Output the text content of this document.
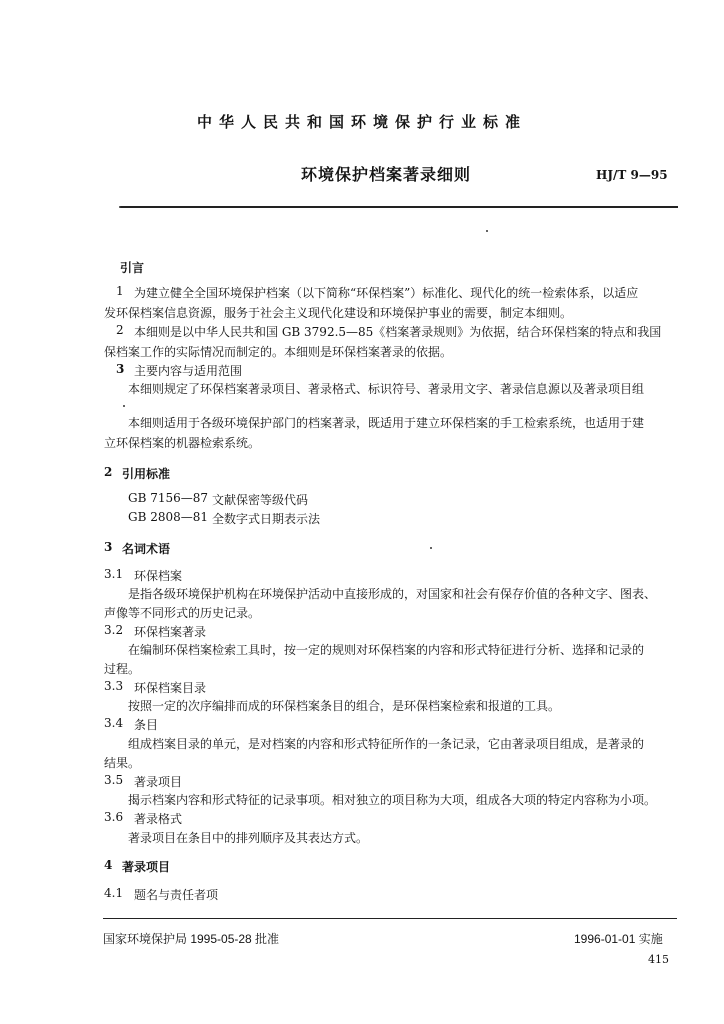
中华人民共和国环境保护行业标准
环境保护档案著录细则	HJ/T 9—95
引言
1 为建立健全全国环境保护档案（以下简称“环保档案”）标准化、现代化的统一检索体系，以适应
发环保档案信息资源，服务于社会主义现代化建设和环境保护事业的需要，制定本细则。
2 本细则是以中华人民共和国 GB 3792.5—85《档案著录规则》为依据，结合环保档案的特点和我国
保档案工作的实际情况而制定的。本细则是环保档案著录的依据。
3 主要内容与适用范围
本细则规定了环保档案著录项目、著录格式、标识符号、著录用文字、著录信息源以及著录项目组
本细则适用于各级环境保护部门的档案著录，既适用于建立环保档案的手工检索系统，也适用于建
立环保档案的机器检索系统。
2 引用标准
GB 7156—87 文献保密等级代码
GB 2808—81 全数字式日期表示法
3 名词术语
3.1 环保档案
是指各级环境保护机构在环境保护活动中直接形成的，对国家和社会有保存价值的各种文字、图表、
声像等不同形式的历史记录。
3.2 环保档案著录
在编制环保档案检索工具时，按一定的规则对环保档案的内容和形式特征进行分析、选择和记录的
过程。
3.3 环保档案目录
按照一定的次序编排而成的环保档案条目的组合，是环保档案检索和报道的工具。
3.4 条目
组成档案目录的单元，是对档案的内容和形式特征所作的一条记录，它由著录项目组成，是著录的
结果。
3.5 著录项目
揭示档案内容和形式特征的记录事项。相对独立的项目称为大项，组成各大项的特定内容称为小项。
3.6 著录格式
著录项目在条目中的排列顺序及其表达方式。
4 著录项目
4.1 题名与责任者项
国家环境保护局 1995-05-28 批准	1996-01-01 实施
415
